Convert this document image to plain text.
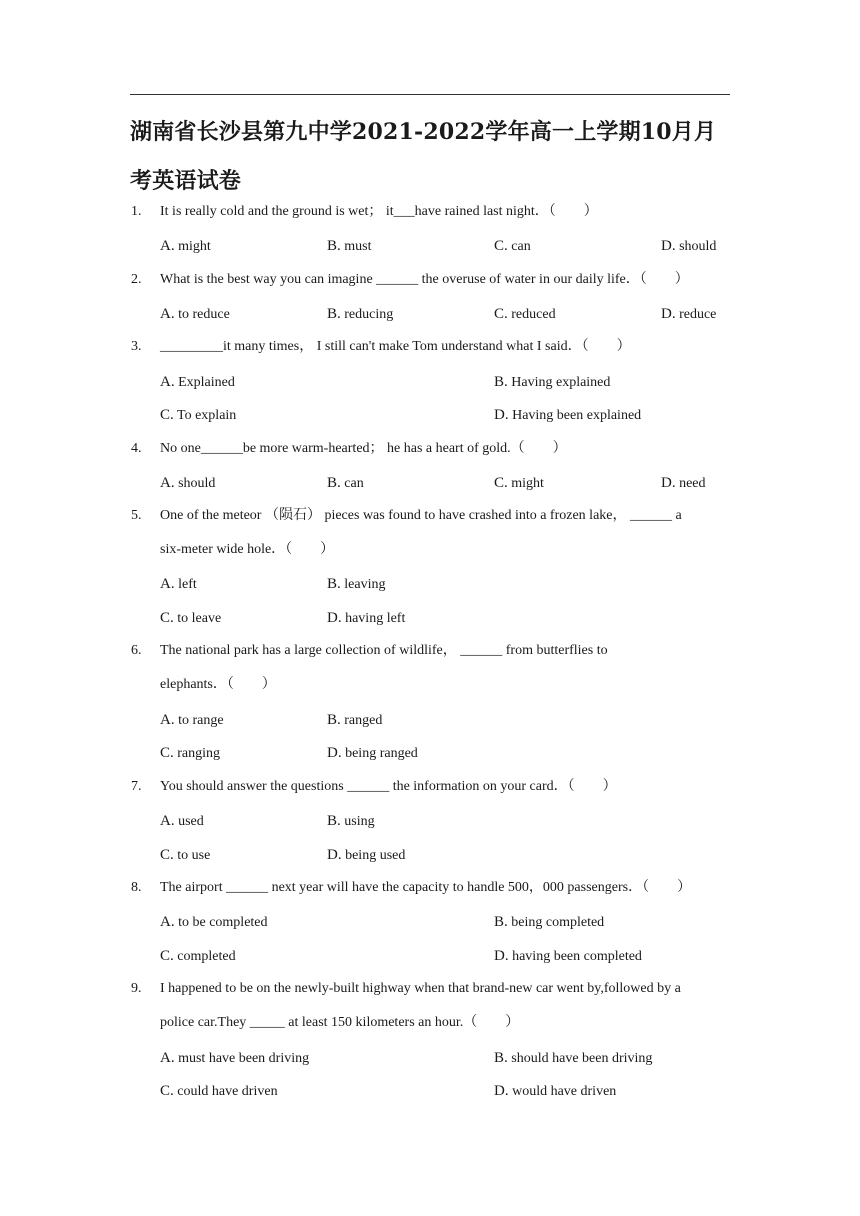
湖南省长沙县第九中学2021-2022学年高一上学期10月月考英语试卷
1. It is really cold and the ground is wet； it___have rained last night．（　　）
A. might	B. must	C. can	D. should
2. What is the best way you can imagine ______ the overuse of water in our daily life．（　　）
A. to reduce	B. reducing	C. reduced	D. reduce
3. _________it many times， I still can't make Tom understand what I said．（　　）
A. Explained	B. Having explained
C. To explain	D. Having been explained
4. No one______be more warm-hearted； he has a heart of gold.（　　）
A. should	B. can	C. might	D. need
5. One of the meteor （陨石） pieces was found to have crashed into a frozen lake， ______ a
six-meter wide hole．（　　）
A. left	B. leaving
C. to leave	D. having left
6. The national park has a large collection of wildlife， ______ from butterflies to
elephants．（　　）
A. to range	B. ranged
C. ranging	D. being ranged
7. You should answer the questions ______ the information on your card．（　　）
A. used	B. using
C. to use	D. being used
8. The airport ______ next year will have the capacity to handle 500，000 passengers．（　　）
A. to be completed	B. being completed
C. completed	D. having been completed
9. I happened to be on the newly-built highway when that brand-new car went by,followed by a
police car.They _____ at least 150 kilometers an hour.（　　）
A. must have been driving	B. should have been driving
C. could have driven	D. would have driven
